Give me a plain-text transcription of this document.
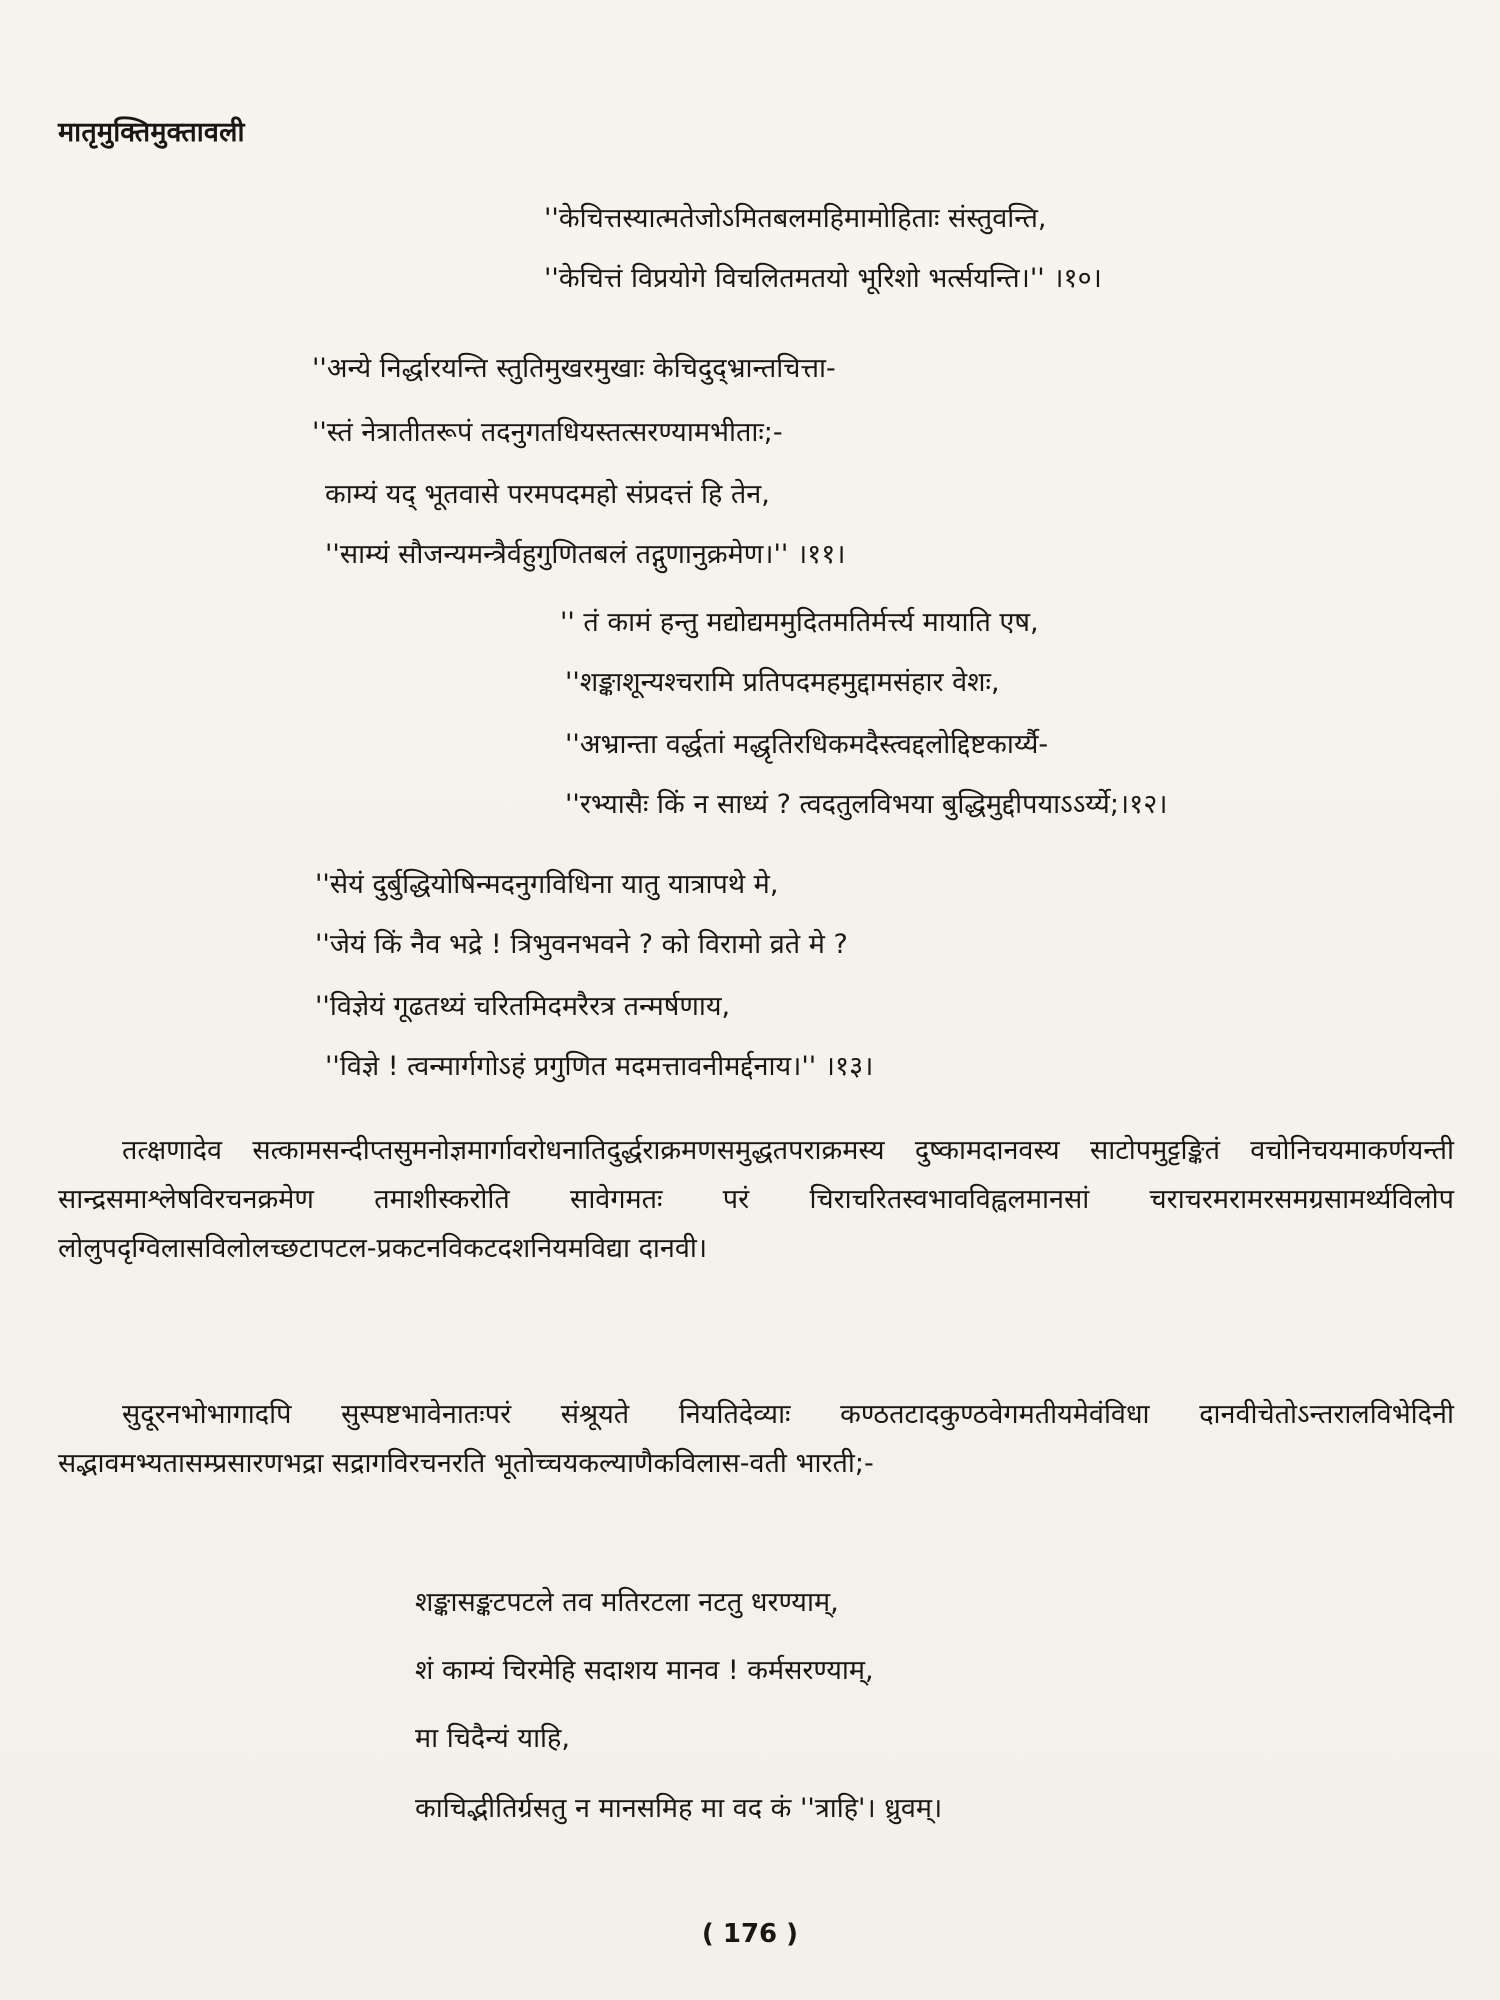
मातृमुक्तिमुक्तावली
''केचित्तस्यात्मतेजोऽमितबलमहिमामोहिताः संस्तुवन्ति,
''केचित्तं विप्रयोगे विचलितमतयो भूरिशो भर्त्सयन्ति।'' ।१०।
''अन्ये निर्द्धारयन्ति स्तुतिमुखरमुखाः केचिदुद्भ्रान्तचित्ता-
''स्तं नेत्रातीतरूपं तदनुगतधियस्तत्सरण्यामभीताः;-
काम्यं यद् भूतवासे परमपदमहो संप्रदत्तं हि तेन,
''साम्यं सौजन्यमन्त्रैर्वहुगुणितबलं तद्गुणानुक्रमेण।'' ।११।
'' तं कामं हन्तु मद्योद्यममुदितमतिर्मर्त्त्य मायाति एष,
''शङ्काशून्यश्चरामि प्रतिपदमहमुद्दामसंहार वेशः,
''अभ्रान्ता वर्द्धतां मद्धृतिरधिकमदैस्त्वद्दलोद्दिष्टकार्य्यै-
''रभ्यासैः किं न साध्यं ? त्वदतुलविभया बुद्धिमुद्दीपयाऽऽर्य्ये;।१२।
''सेयं दुर्बुद्धियोषिन्मदनुगविधिना यातु यात्रापथे मे,
''जेयं किं नैव भद्रे ! त्रिभुवनभवने ? को विरामो व्रते मे ?
''विज्ञेयं गूढतथ्यं चरितमिदमरैरत्र तन्मर्षणाय,
''विज्ञे ! त्वन्मार्गगोऽहं प्रगुणित मदमत्तावनीमर्द्दनाय।'' ।१३।
तत्क्षणादेव सत्कामसन्दीप्तसुमनोज्ञमार्गावरोधनातिदुर्द्धराक्रमणसमुद्धतपराक्रमस्य दुष्कामदानवस्य साटोपमुट्टङ्कितं वचोनिचयमाकर्णयन्ती सान्द्रसमाश्लेषविरचनक्रमेण तमाशीस्करोति सावेगमतः परं चिराचरितस्वभावविह्वलमानसां चराचरमरामरसमग्रसामर्थ्यविलोप लोलुपदृग्विलासविलोलच्छटापटल-प्रकटनविकटदशनियमविद्या दानवी।
सुदूरनभोभागादपि सुस्पष्टभावेनातःपरं संश्रूयते नियतिदेव्याः कण्ठतटादकुण्ठवेगमतीयमेवंविधा दानवीचेतोऽन्तरालविभेदिनी सद्भावमभ्यतासम्प्रसारणभद्रा सद्रागविरचनरति भूतोच्चयकल्याणैकविलास-वती भारती;-
शङ्कासङ्कटपटले तव मतिरटला नटतु धरण्याम्,
शं काम्यं चिरमेहि सदाशय मानव ! कर्मसरण्याम्,
मा चिदैन्यं याहि,
काचिद्भीतिर्ग्रसतु न मानसमिह मा वद कं ''त्राहि'। ध्रुवम्।
( 176 )
